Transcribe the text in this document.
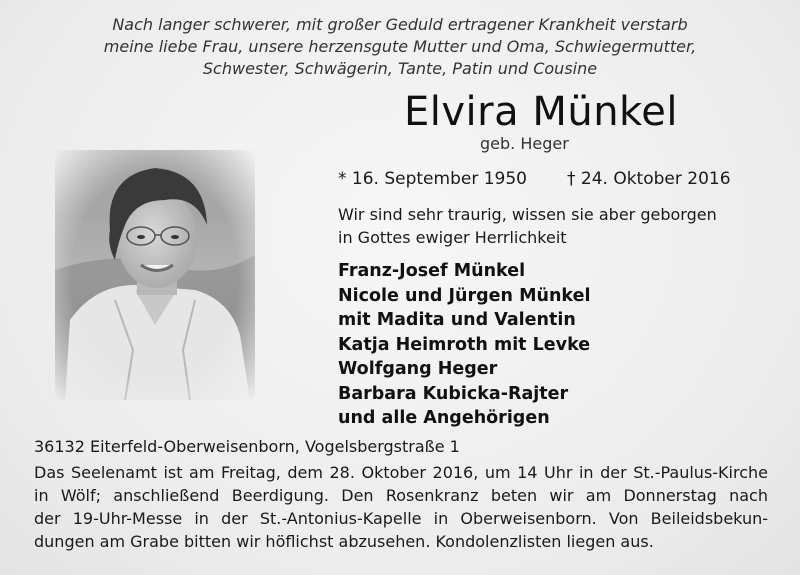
Nach langer schwerer, mit großer Geduld ertragener Krankheit verstarb
meine liebe Frau, unsere herzensgute Mutter und Oma, Schwiegermutter,
Schwester, Schwägerin, Tante, Patin und Cousine
Elvira Münkel
geb. Heger
* 16. September 1950 † 24. Oktober 2016
Wir sind sehr traurig, wissen sie aber geborgen
in Gottes ewiger Herrlichkeit
Franz-Josef Münkel
Nicole und Jürgen Münkel
mit Madita und Valentin
Katja Heimroth mit Levke
Wolfgang Heger
Barbara Kubicka-Rajter
und alle Angehörigen
36132 Eiterfeld-Oberweisenborn, Vogelsbergstraße 1
Das Seelenamt ist am Freitag, dem 28. Oktober 2016, um 14 Uhr in der St.-Paulus-Kirche
in Wölf; anschließend Beerdigung. Den Rosenkranz beten wir am Donnerstag nach
der 19-Uhr-Messe in der St.-Antonius-Kapelle in Oberweisenborn. Von Beileidsbekun-
dungen am Grabe bitten wir höflichst abzusehen. Kondolenzlisten liegen aus.
